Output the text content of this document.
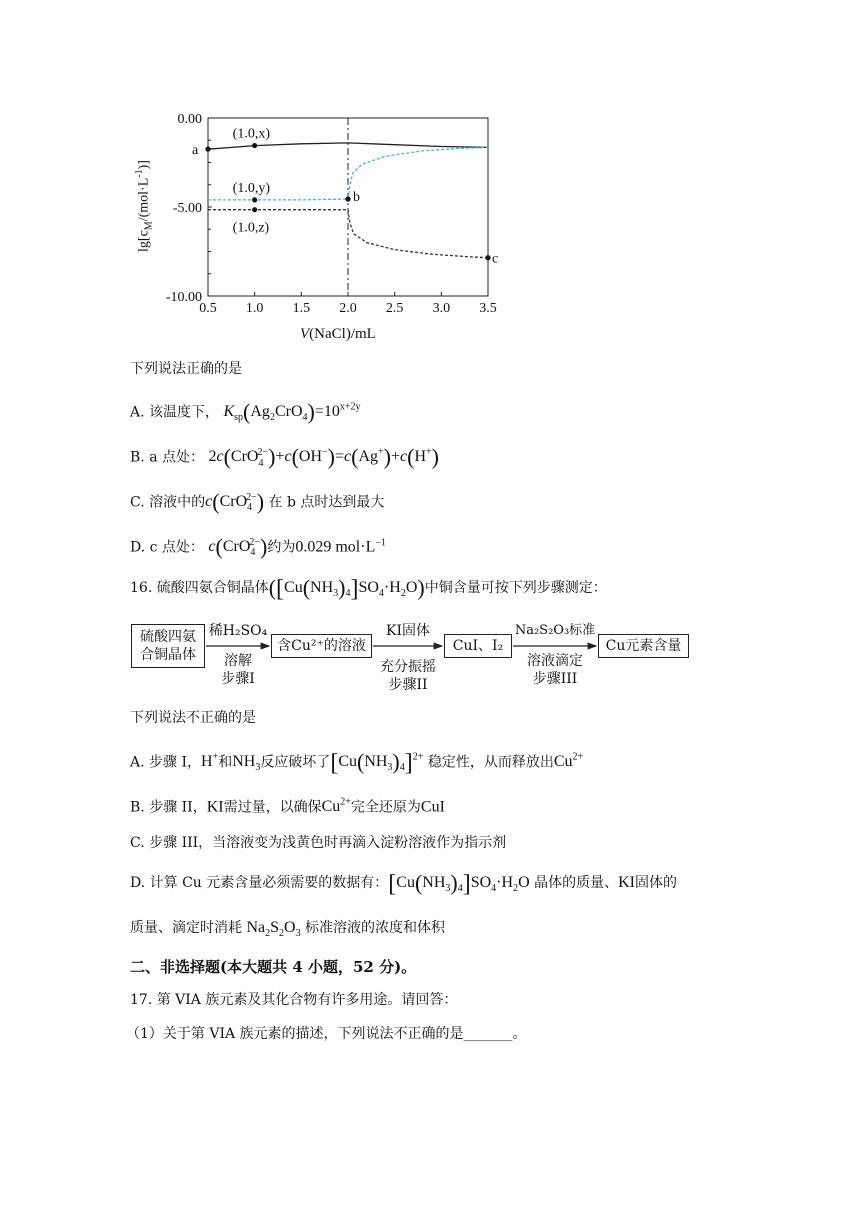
0.5 1.0 1.5 2.0 2.5 3.0 3.5
0.00
-5.00
-10.00
a
(1.0,x)
(1.0,y)
(1.0,z)
b
c
$\lg[c_M/(mol\cdot L^{-1})]$
V(NaCl)/mL
下列说法正确的是
A. 该温度下， $K_{sp}(Ag_2CrO_4)=10^{x+2y}$
B. a 点处： 2c(CrO$_4^{2-}$)+c(OH−)=c(Ag+)+c(H+)
C. 溶液中的c(CrO$_4^{2-}$) 在 b 点时达到最大
D. c 点处： c(CrO$_4^{2-}$)约为0.029 $mol\cdot L^{-1}$
16. 硫酸四氨合铜晶体$([Cu(NH_3)_4]SO_4\cdot H_2O)$中铜含量可按下列步骤测定：
硫酸四氨
合铜晶体
稀H₂SO₄
溶解
步骤I
含Cu²⁺的溶液
KI固体
充分振摇
步骤II
CuI、I₂
Na₂S₂O₃标准
溶液滴定
步骤III
Cu元素含量
下列说法不正确的是
A. 步骤 I，H+和$NH_3$反应破坏了$[Cu(NH_3)_4]^{2+}$ 稳定性，从而释放出$Cu^{2+}$
B. 步骤 II，KI需过量，以确保$Cu^{2+}$完全还原为CuI
C. 步骤 III，当溶液变为浅黄色时再滴入淀粉溶液作为指示剂
D. 计算 Cu 元素含量必须需要的数据有：$[Cu(NH_3)_4]SO_4\cdot H_2O$ 晶体的质量、KI固体的
质量、滴定时消耗 $Na_2S_2O_3$ 标准溶液的浓度和体积
二、非选择题(本大题共 4 小题，52 分)。
17. 第 VIA 族元素及其化合物有许多用途。请回答：
（1）关于第 VIA 族元素的描述，下列说法不正确的是_______。
